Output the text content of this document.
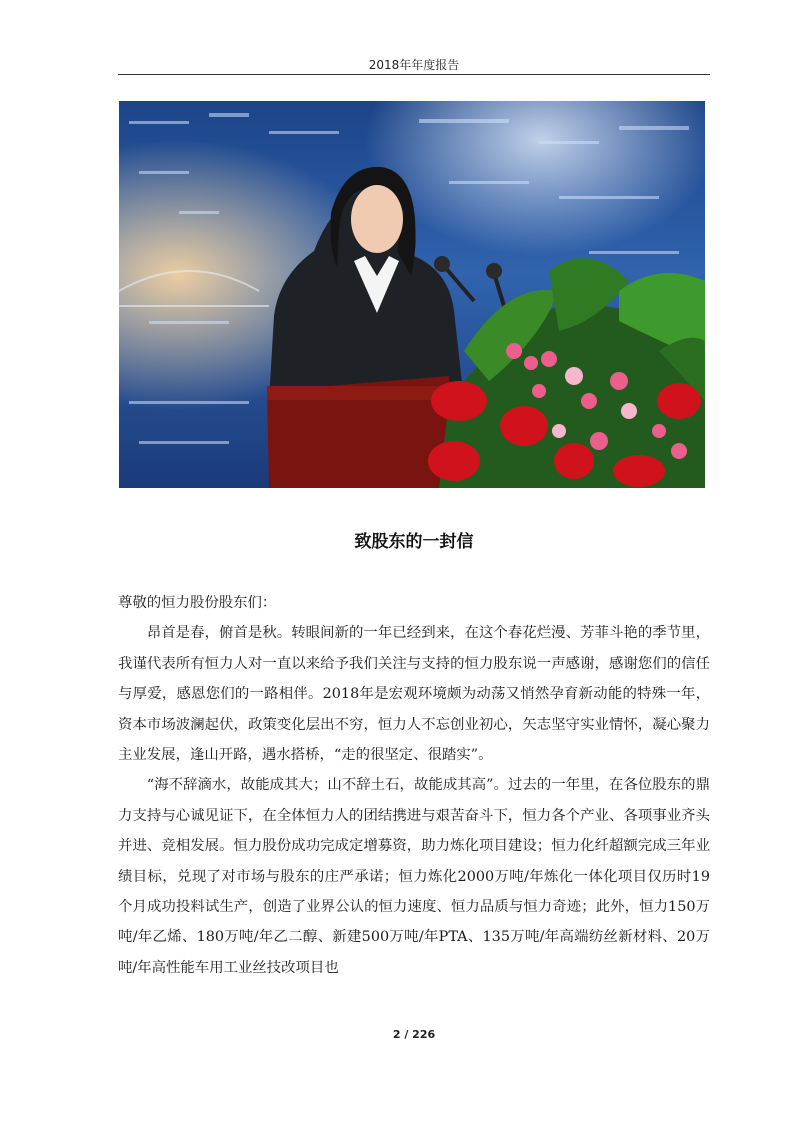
2018年年度报告
致股东的一封信

尊敬的恒力股份股东们：

昂首是春，俯首是秋。转眼间新的一年已经到来，在这个春花烂漫、芳菲斗艳的季节里，我谨代表所有恒力人对一直以来给予我们关注与支持的恒力股东说一声感谢，感谢您们的信任与厚爱，感恩您们的一路相伴。2018年是宏观环境颇为动荡又悄然孕育新动能的特殊一年，资本市场波澜起伏，政策变化层出不穷，恒力人不忘创业初心，矢志坚守实业情怀，凝心聚力主业发展，逢山开路，遇水搭桥，“走的很坚定、很踏实”。

“海不辞滴水，故能成其大；山不辞土石，故能成其高”。过去的一年里，在各位股东的鼎力支持与心诚见证下，在全体恒力人的团结携进与艰苦奋斗下，恒力各个产业、各项事业齐头并进、竞相发展。恒力股份成功完成定增募资，助力炼化项目建设；恒力化纤超额完成三年业绩目标，兑现了对市场与股东的庄严承诺；恒力炼化2000万吨/年炼化一体化项目仅历时19个月成功投料试生产，创造了业界公认的恒力速度、恒力品质与恒力奇迹；此外，恒力150万吨/年乙烯、180万吨/年乙二醇、新建500万吨/年PTA、135万吨/年高端纺丝新材料、20万吨/年高性能车用工业丝技改项目也

2 / 226
